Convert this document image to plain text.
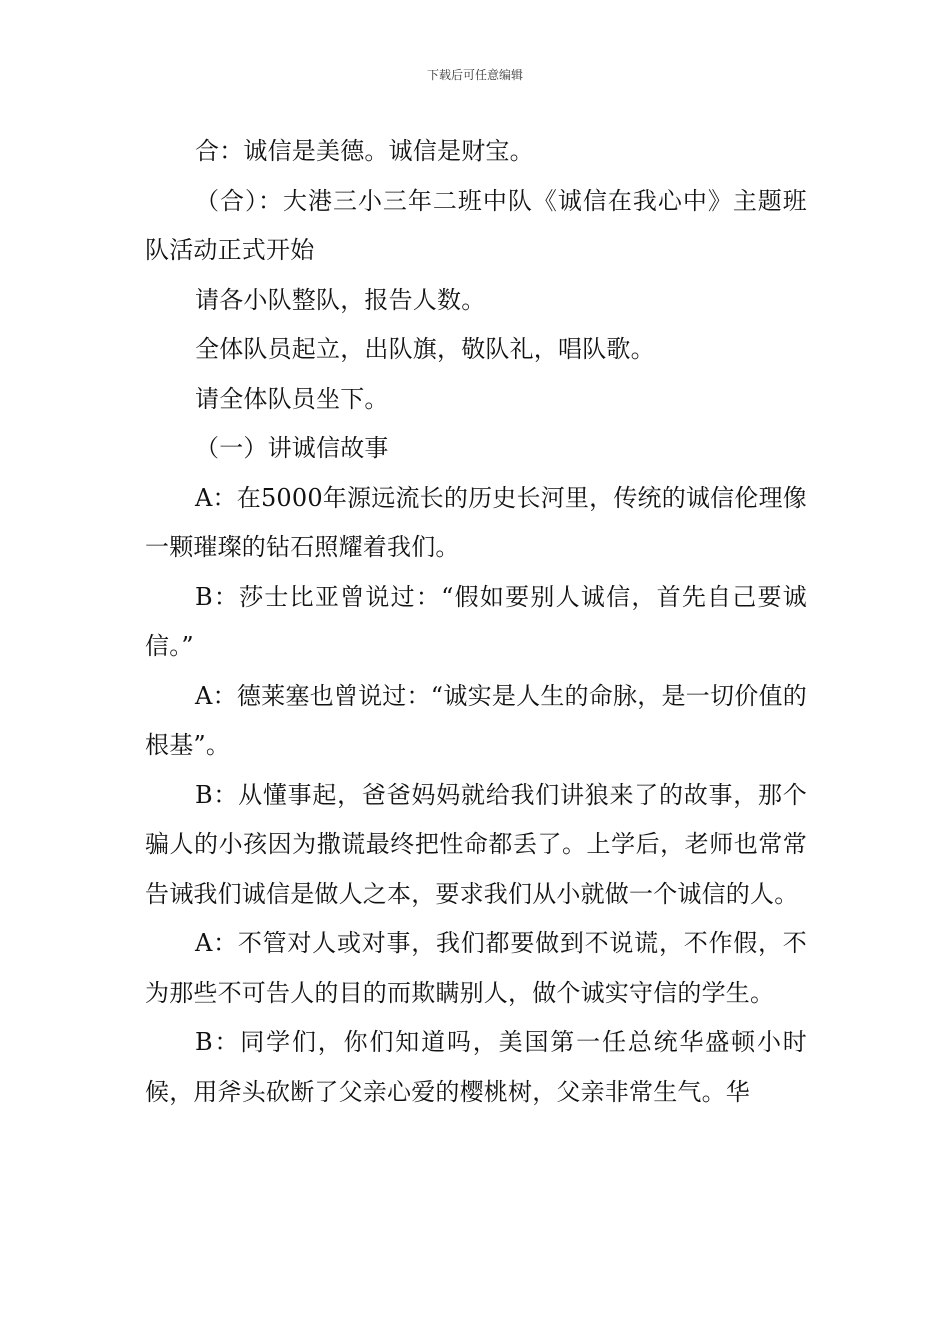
下载后可任意编辑

合：诚信是美德。诚信是财宝。

（合）：大港三小三年二班中队《诚信在我心中》主题班队活动正式开始

请各小队整队，报告人数。

全体队员起立，出队旗，敬队礼，唱队歌。

请全体队员坐下。

（一）讲诚信故事

A：在5000年源远流长的历史长河里，传统的诚信伦理像一颗璀璨的钻石照耀着我们。

B：莎士比亚曾说过：“假如要别人诚信，首先自己要诚信。”

A：德莱塞也曾说过：“诚实是人生的命脉，是一切价值的根基”。

B：从懂事起，爸爸妈妈就给我们讲狼来了的故事，那个骗人的小孩因为撒谎最终把性命都丢了。上学后，老师也常常告诫我们诚信是做人之本，要求我们从小就做一个诚信的人。

A：不管对人或对事，我们都要做到不说谎，不作假，不为那些不可告人的目的而欺瞒别人，做个诚实守信的学生。

B：同学们，你们知道吗，美国第一任总统华盛顿小时候，用斧头砍断了父亲心爱的樱桃树，父亲非常生气。华
